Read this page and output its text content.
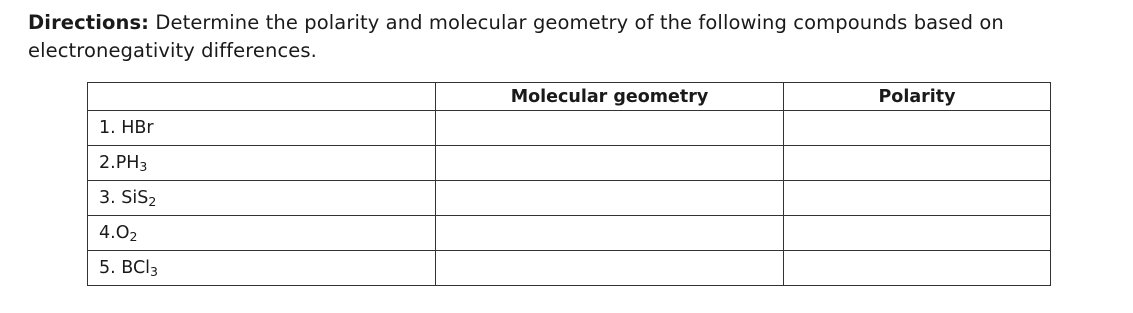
Directions: Determine the polarity and molecular geometry of the following compounds based on electronegativity differences.
	Molecular geometry	Polarity
1. HBr		
2.PH3		
3. SiS2		
4.O2		
5. BCl3		
